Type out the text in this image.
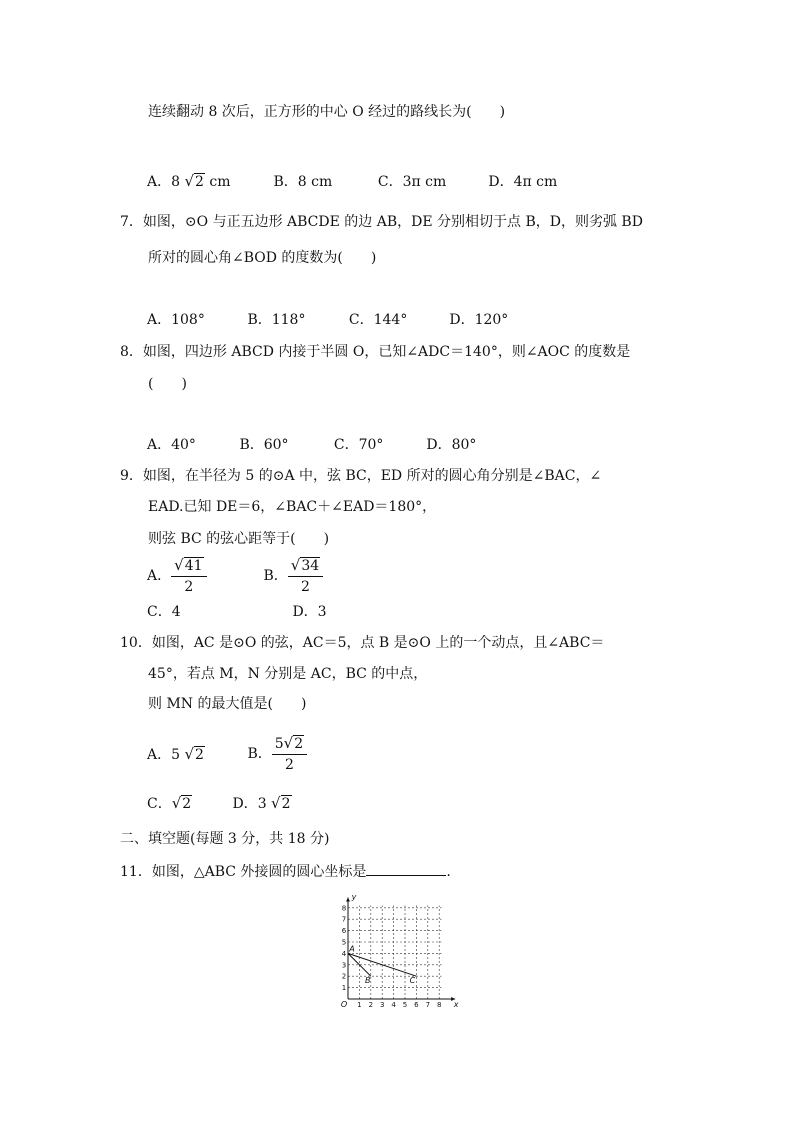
连续翻动 8 次后，正方形的中心 O 经过的路线长为(　　)
A．8 √2 cm	B．8 cm	C．3π cm	D．4π cm
7．如图，⊙O 与正五边形 ABCDE 的边 AB，DE 分别相切于点 B，D，则劣弧 BD
所对的圆心角∠BOD 的度数为(　　)
A．108°	B．118°	C．144°	D．120°
8．如图，四边形 ABCD 内接于半圆 O，已知∠ADC＝140°，则∠AOC 的度数是
(　　)
A．40°	B．60°	C．70°	D．80°
9．如图，在半径为 5 的⊙A 中，弦 BC，ED 所对的圆心角分别是∠BAC，∠
EAD.已知 DE＝6，∠BAC＋∠EAD＝180°，
则弦 BC 的弦心距等于(　　)
A． $\frac{√41}{2}$	B． $\frac{√34}{2}$
C．4	D．3
10．如图，AC 是⊙O 的弦，AC＝5，点 B 是⊙O 上的一个动点，且∠ABC＝
45°，若点 M，N 分别是 AC，BC 的中点，
则 MN 的最大值是(　　)
A．5 √2	B． $\frac{5√2}{2}$
C．√2	D．3 √2
二、填空题(每题 3 分，共 18 分)
11．如图，△ABC 外接圆的圆心坐标是	.
1 2 3 4 5 6 7 8
1
2
3
4
5
6
7
8
O	x
y
A
B	C
